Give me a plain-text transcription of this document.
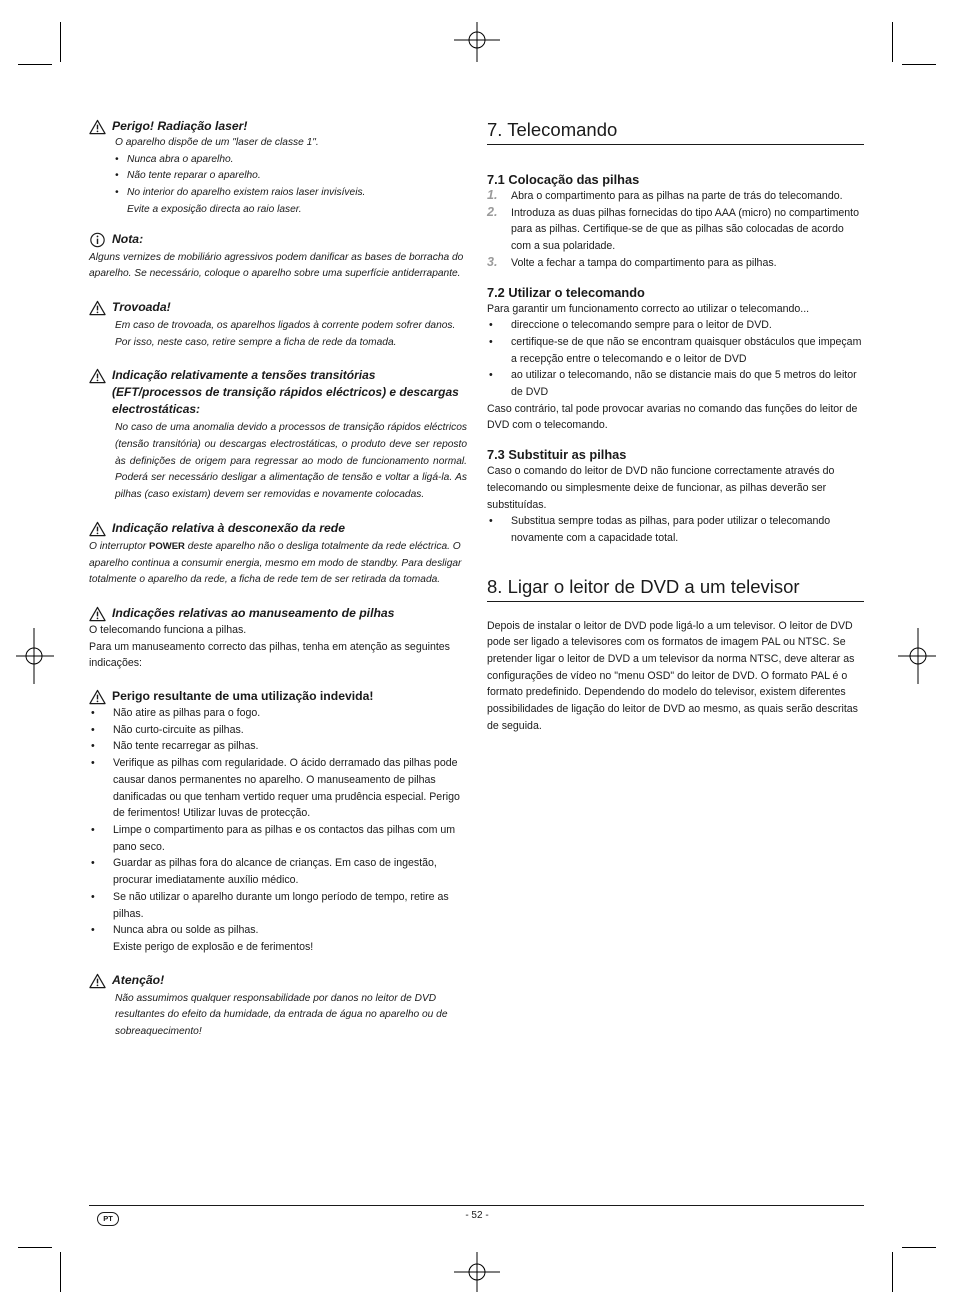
Perigo! Radiação laser!
O aparelho dispõe de um "laser de classe 1".
• Nunca abra o aparelho.
• Não tente reparar o aparelho.
• No interior do aparelho existem raios laser invisíveis.
Evite a exposição directa ao raio laser.
Nota:
Alguns vernizes de mobiliário agressivos podem danificar as bases de borracha do aparelho. Se necessário, coloque o aparelho sobre uma superfície antiderrapante.
Trovoada!
Em caso de trovoada, os aparelhos ligados à corrente podem sofrer danos. Por isso, neste caso, retire sempre a ficha de rede da tomada.
Indicação relativamente a tensões transitórias (EFT/processos de transição rápidos eléctricos) e descargas electrostáticas:
No caso de uma anomalia devido a processos de transição rápidos eléctricos (tensão transitória) ou descargas electrostáticas, o produto deve ser reposto às definições de origem para regressar ao modo de funcionamento normal. Poderá ser necessário desligar a alimentação de tensão e voltar a ligá-la. As pilhas (caso existam) devem ser removidas e novamente colocadas.
Indicação relativa à desconexão da rede
O interruptor POWER deste aparelho não o desliga totalmente da rede eléctrica. O aparelho continua a consumir energia, mesmo em modo de standby. Para desligar totalmente o aparelho da rede, a ficha de rede tem de ser retirada da tomada.
Indicações relativas ao manuseamento de pilhas
O telecomando funciona a pilhas.
Para um manuseamento correcto das pilhas, tenha em atenção as seguintes indicações:
Perigo resultante de uma utilização indevida!
• Não atire as pilhas para o fogo.
• Não curto-circuite as pilhas.
• Não tente recarregar as pilhas.
• Verifique as pilhas com regularidade. O ácido derramado das pilhas pode causar danos permanentes no aparelho. O manuseamento de pilhas danificadas ou que tenham vertido requer uma prudência especial. Perigo de ferimentos! Utilizar luvas de protecção.
• Limpe o compartimento para as pilhas e os contactos das pilhas com um pano seco.
• Guardar as pilhas fora do alcance de crianças. Em caso de ingestão, procurar imediatamente auxílio médico.
• Se não utilizar o aparelho durante um longo período de tempo, retire as pilhas.
• Nunca abra ou solde as pilhas.
Existe perigo de explosão e de ferimentos!
Atenção!
Não assumimos qualquer responsabilidade por danos no leitor de DVD resultantes do efeito da humidade, da entrada de água no aparelho ou de sobreaquecimento!
7. Telecomando
7.1 Colocação das pilhas
1. Abra o compartimento para as pilhas na parte de trás do telecomando.
2. Introduza as duas pilhas fornecidas do tipo AAA (micro) no compartimento para as pilhas. Certifique-se de que as pilhas são colocadas de acordo com a sua polaridade.
3. Volte a fechar a tampa do compartimento para as pilhas.
7.2 Utilizar o telecomando
Para garantir um funcionamento correcto ao utilizar o telecomando...
• direccione o telecomando sempre para o leitor de DVD.
• certifique-se de que não se encontram quaisquer obstáculos que impeçam a recepção entre o telecomando e o leitor de DVD
• ao utilizar o telecomando, não se distancie mais do que 5 metros do leitor de DVD
Caso contrário, tal pode provocar avarias no comando das funções do leitor de DVD com o telecomando.
7.3 Substituir as pilhas
Caso o comando do leitor de DVD não funcione correctamente através do telecomando ou simplesmente deixe de funcionar, as pilhas deverão ser substituídas.
• Substitua sempre todas as pilhas, para poder utilizar o telecomando novamente com a capacidade total.
8. Ligar o leitor de DVD a um televisor
Depois de instalar o leitor de DVD pode ligá-lo a um televisor. O leitor de DVD pode ser ligado a televisores com os formatos de imagem PAL ou NTSC. Se pretender ligar o leitor de DVD a um televisor da norma NTSC, deve alterar as configurações de vídeo no "menu OSD" do leitor de DVD. O formato PAL é o formato predefinido. Dependendo do modelo do televisor, existem diferentes possibilidades de ligação do leitor de DVD ao mesmo, as quais serão descritas de seguida.
PT	- 52 -
